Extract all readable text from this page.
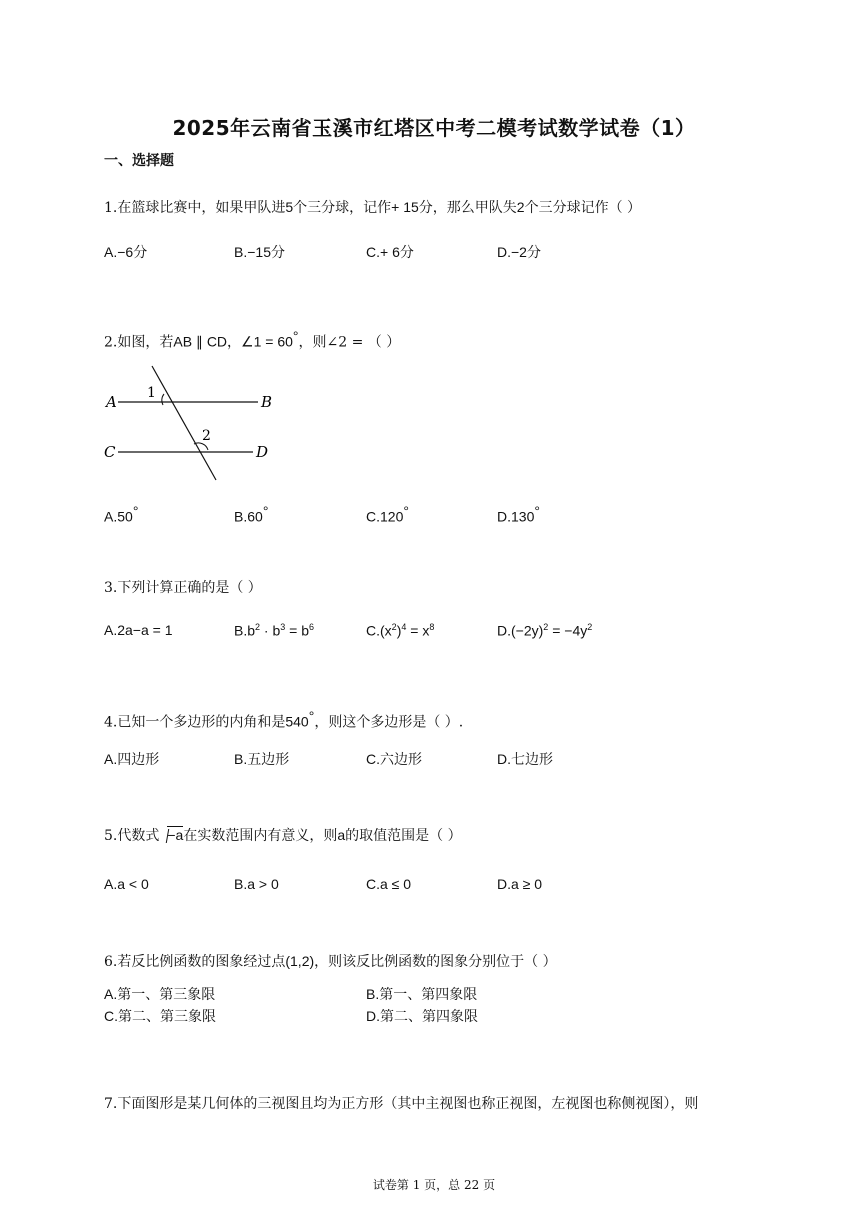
2025年云南省玉溪市红塔区中考二模考试数学试卷（1）
一、选择题
1.在篮球比赛中，如果甲队进5个三分球，记作+ 15分，那么甲队失2个三分球记作（ ）
A.−6分	B.−15分	C.+ 6分	D.−2分
2.如图，若AB ∥ CD，∠1 = 60°，则∠2 = （ ）
A	B
C	D
1
2
A.50°	B.60°	C.120°	D.130°
3.下列计算正确的是（ ）
A.2a−a = 1	$B.b^2 \cdot b^3 = b^6$	$C.(x^2)^4 = x^8$	$D.(-2y)^2 = -4y^2$
4.已知一个多边形的内角和是540°，则这个多边形是（ ）.
A.四边形	B.五边形	C.六边形	D.七边形
5.代数式 −a在实数范围内有意义，则a的取值范围是（ ）
A.a < 0	B.a > 0	C.a ≤ 0	D.a ≥ 0
6.若反比例函数的图象经过点(1,2)，则该反比例函数的图象分别位于（ ）
A.第一、第三象限	B.第一、第四象限
C.第二、第三象限	D.第二、第四象限
7.下面图形是某几何体的三视图且均为正方形（其中主视图也称正视图，左视图也称侧视图），则
试卷第 1 页，总 22 页
